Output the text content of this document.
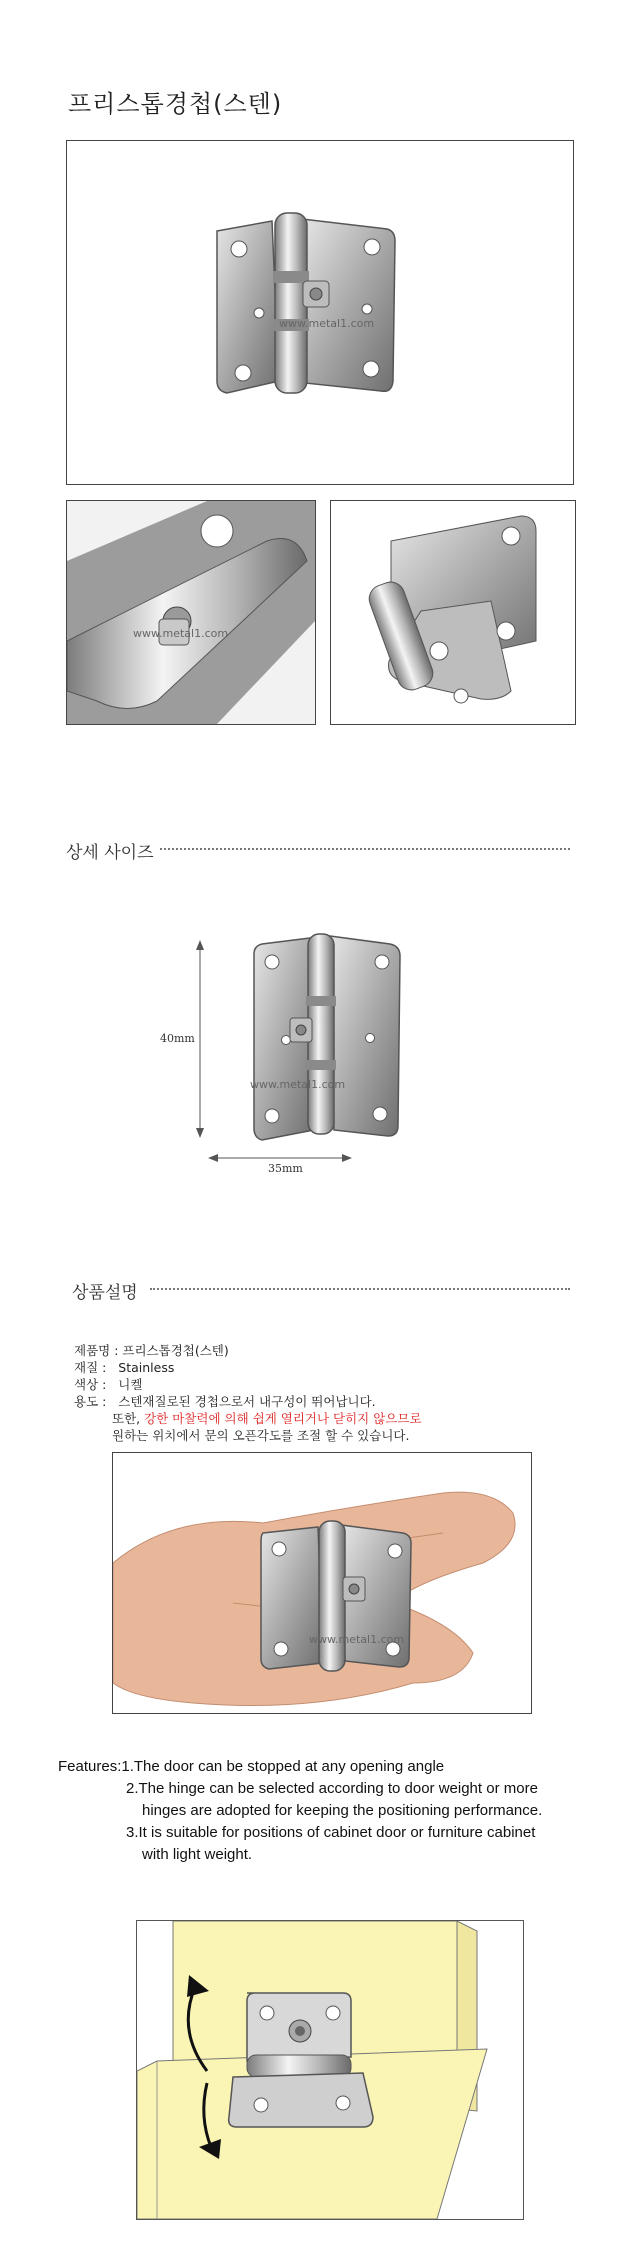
프리스톱경첩(스텐)
www.metal1.com
www.metal1.com
상세 사이즈
www.metal1.com
40mm
35mm
상품설명
제품명 : 프리스톱경첩(스텐)
재질 : Stainless
색상 : 니켈
용도 : 스텐재질로된 경첩으로서 내구성이 뛰어납니다.
또한, 강한 마찰력에 의해 쉽게 열리거나 닫히지 않으므로
원하는 위치에서 문의 오픈각도를 조절 할 수 있습니다.
www.metal1.com
Features:1.The door can be stopped at any opening angle
2.The hinge can be selected according to door weight or more
hinges are adopted for keeping the positioning performance.
3.It is suitable for positions of cabinet door or furniture cabinet
with light weight.
